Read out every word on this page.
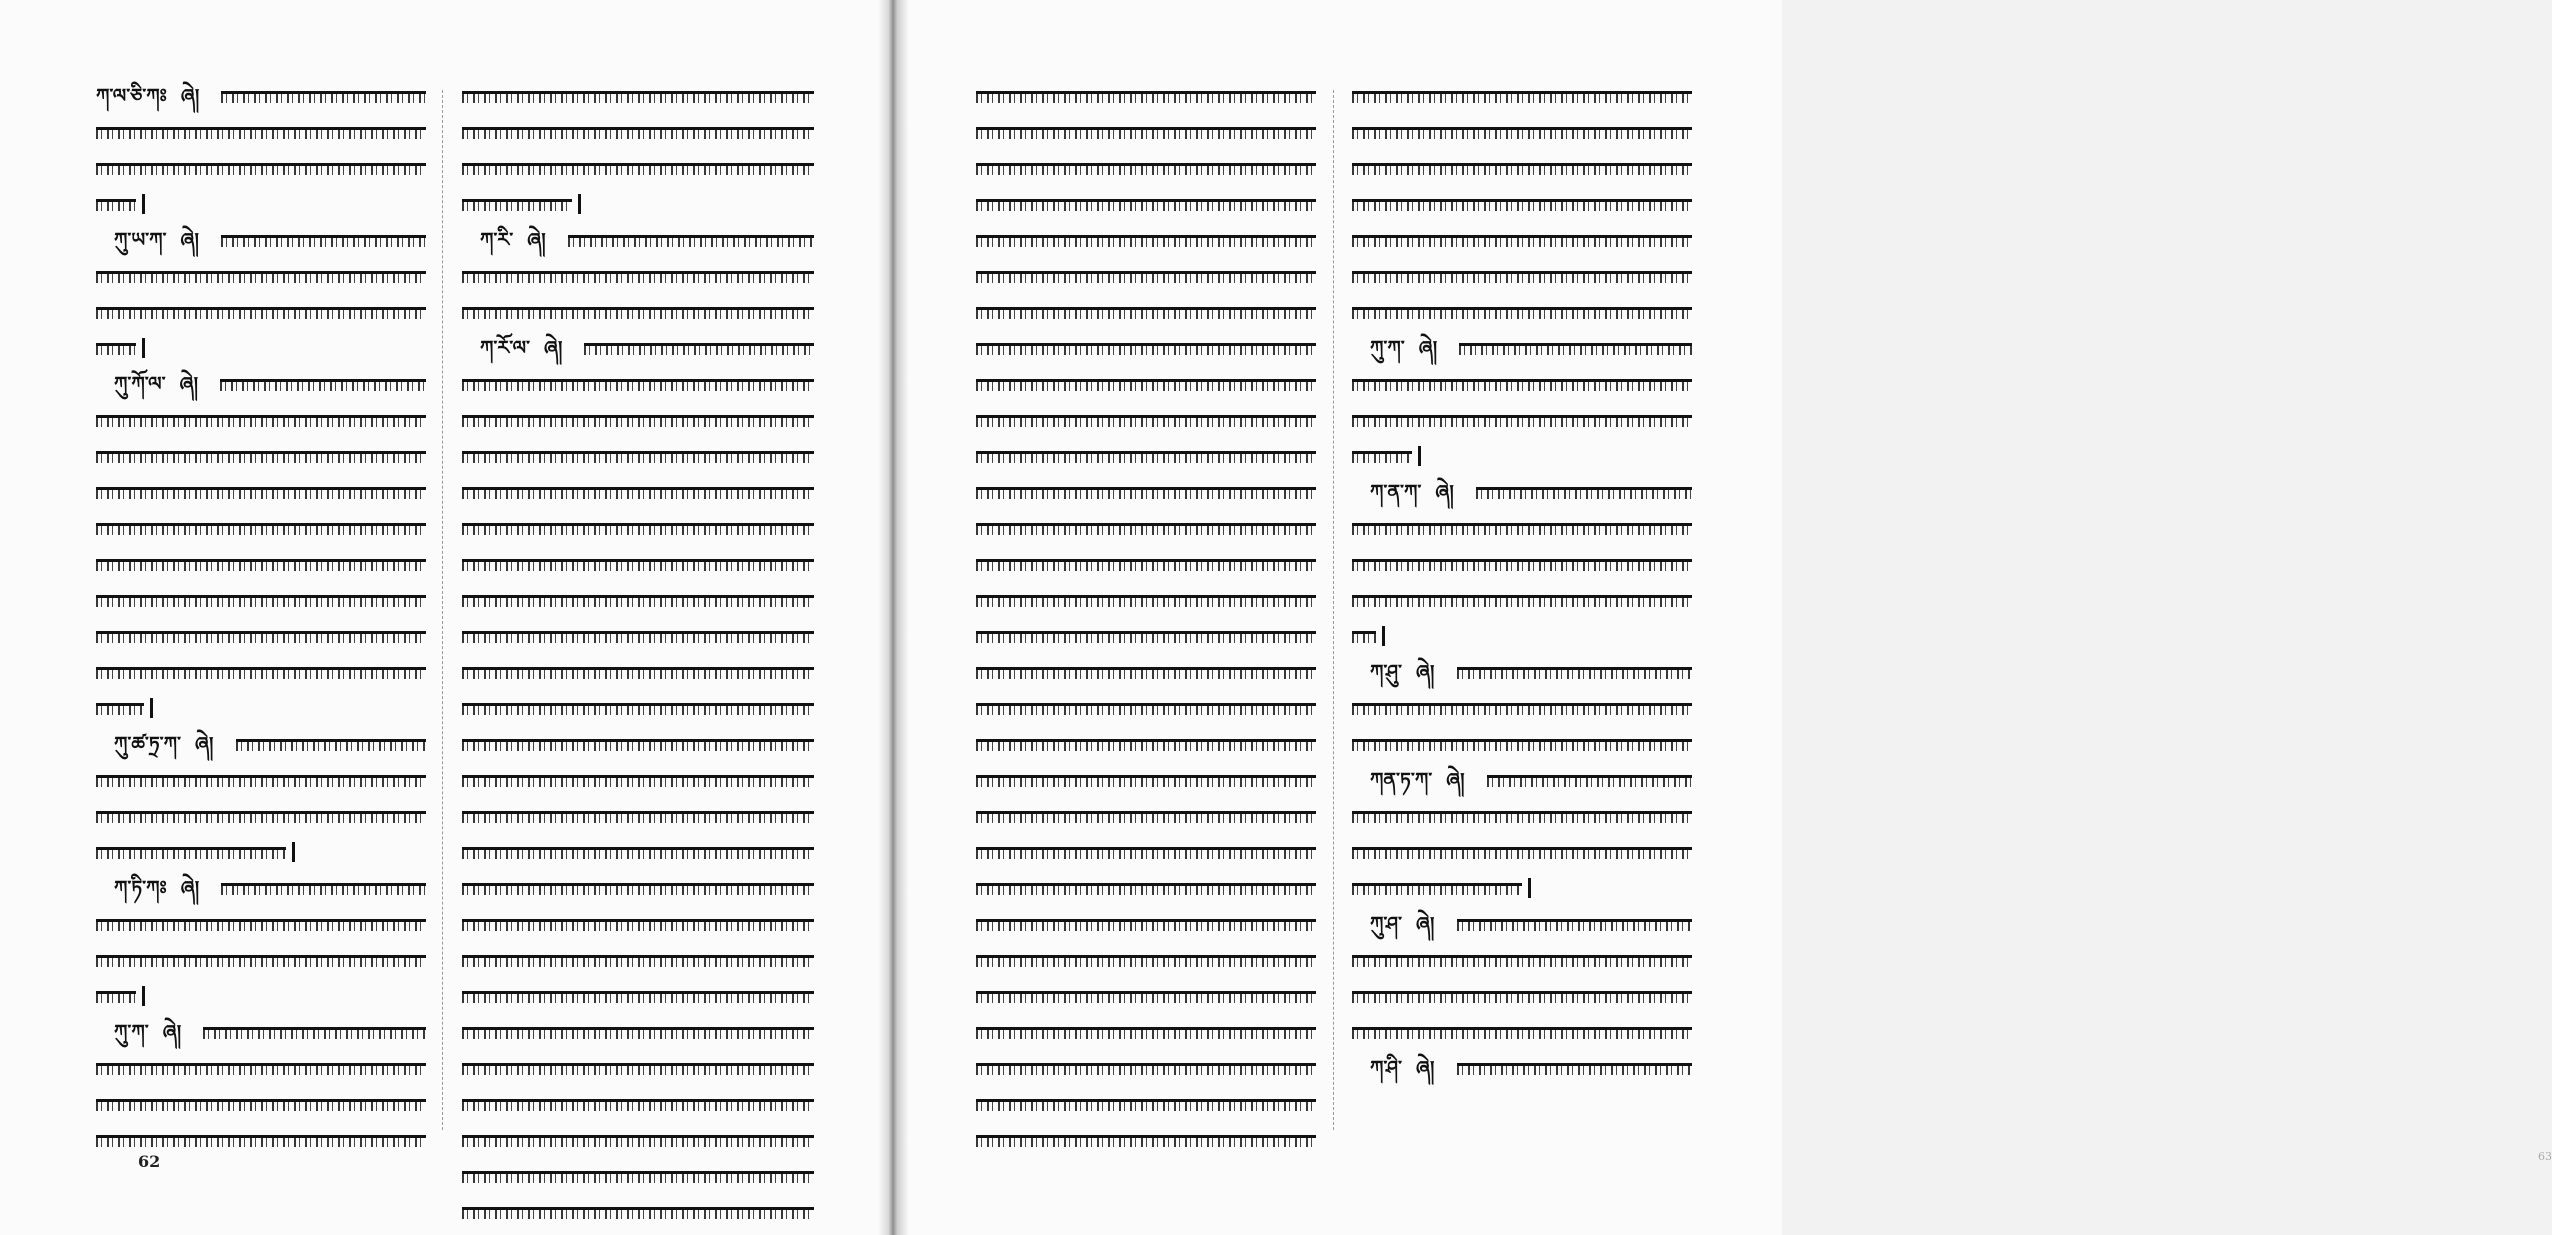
ཀ་ལ་ཅི་ཀཿ ཞེ།
ཀུ་ཡ་ཀ་ ཞེ།
ཀུ་ཀོ་ལ་ ཞེ།
ཀུ་ཚ་ཏྲ་ཀ་ ཞེ།
ཀ་ཏི་ཀཿ ཞེ།
ཀུ་ཀ་ ཞེ།
ཀ་རི་ ཞེ།
ཀ་རོ་ལ་ ཞེ།
62
ཀུ་ཀ་ ཞེ།
ཀ་ན་ཀ་ ཞེ།
ཀ་ཤུ་ ཞེ།
ཀན་ཏ་ཀ་ ཞེ།
ཀུ་ཤ་ ཞེ།
ཀ་ཤི་ ཞེ།
63
